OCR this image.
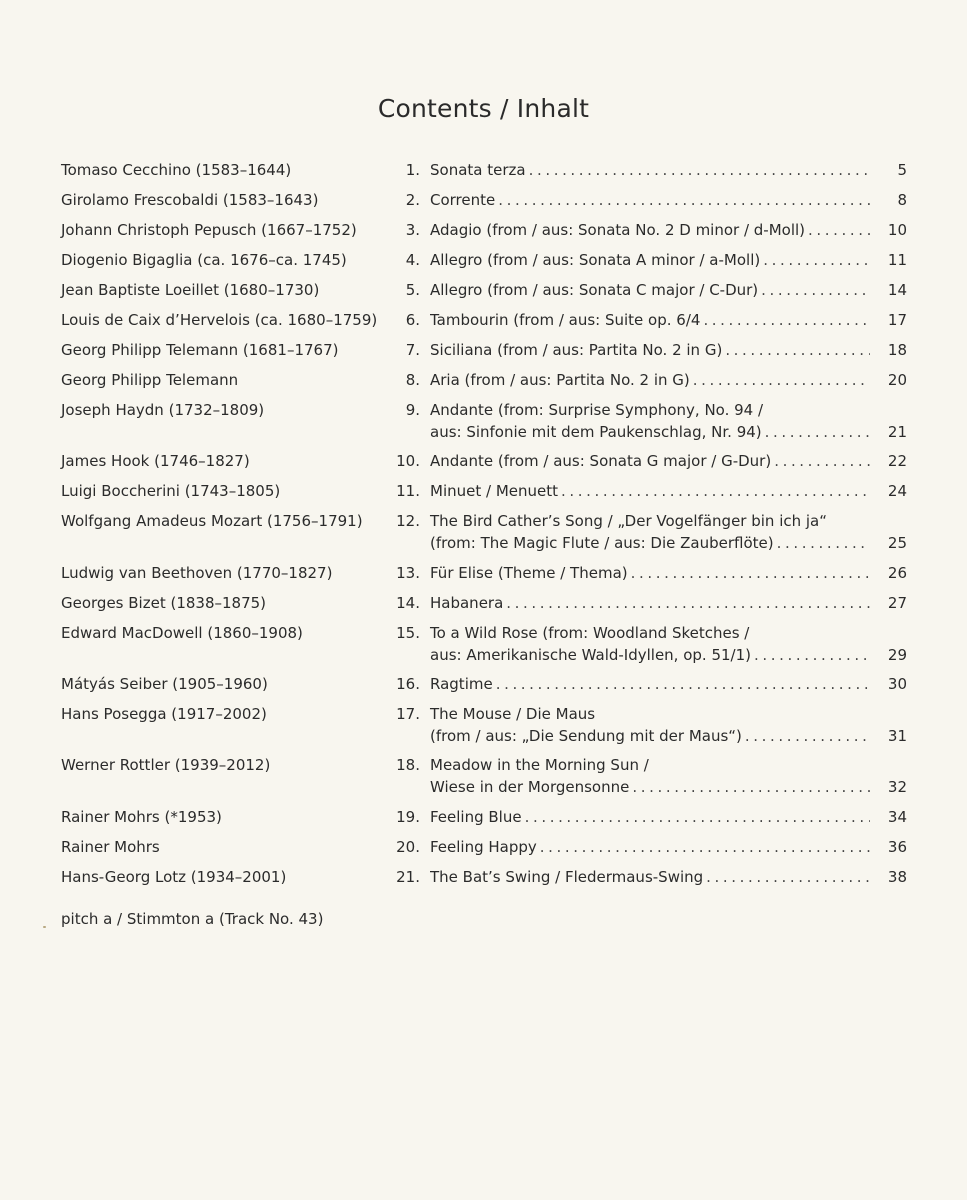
Contents / Inhalt
Tomaso Cecchino (1583–1644)	1. Sonata terza .....	5
Girolamo Frescobaldi (1583–1643)	2. Corrente .....	8
Johann Christoph Pepusch (1667–1752)	3. Adagio (from / aus: Sonata No. 2 D minor / d-Moll) .....	10
Diogenio Bigaglia (ca. 1676–ca. 1745)	4. Allegro (from / aus: Sonata A minor / a-Moll) .....	11
Jean Baptiste Loeillet (1680–1730)	5. Allegro (from / aus: Sonata C major / C-Dur) .....	14
Louis de Caix d’Hervelois (ca. 1680–1759)	6. Tambourin (from / aus: Suite op. 6/4 .....	17
Georg Philipp Telemann (1681–1767)	7. Siciliana (from / aus: Partita No. 2 in G) .....	18
Georg Philipp Telemann	8. Aria (from / aus: Partita No. 2 in G) .....	20
Joseph Haydn (1732–1809)	9. Andante (from: Surprise Symphony, No. 94 /
aus: Sinfonie mit dem Paukenschlag, Nr. 94) .....	21
James Hook (1746–1827)	10. Andante (from / aus: Sonata G major / G-Dur) .....	22
Luigi Boccherini (1743–1805)	11. Minuet / Menuett .....	24
Wolfgang Amadeus Mozart (1756–1791)	12. The Bird Cather’s Song / „Der Vogelfänger bin ich ja“
(from: The Magic Flute / aus: Die Zauberflöte) .....	25
Ludwig van Beethoven (1770–1827)	13. Für Elise (Theme / Thema) .....	26
Georges Bizet (1838–1875)	14. Habanera .....	27
Edward MacDowell (1860–1908)	15. To a Wild Rose (from: Woodland Sketches /
aus: Amerikanische Wald-Idyllen, op. 51/1) .....	29
Mátyás Seiber (1905–1960)	16. Ragtime .....	30
Hans Posegga (1917–2002)	17. The Mouse / Die Maus
(from / aus: „Die Sendung mit der Maus“) .....	31
Werner Rottler (1939–2012)	18. Meadow in the Morning Sun /
Wiese in der Morgensonne .....	32
Rainer Mohrs (*1953)	19. Feeling Blue .....	34
Rainer Mohrs	20. Feeling Happy .....	36
Hans-Georg Lotz (1934–2001)	21. The Bat’s Swing / Fledermaus-Swing .....	38
pitch a / Stimmton a (Track No. 43)
